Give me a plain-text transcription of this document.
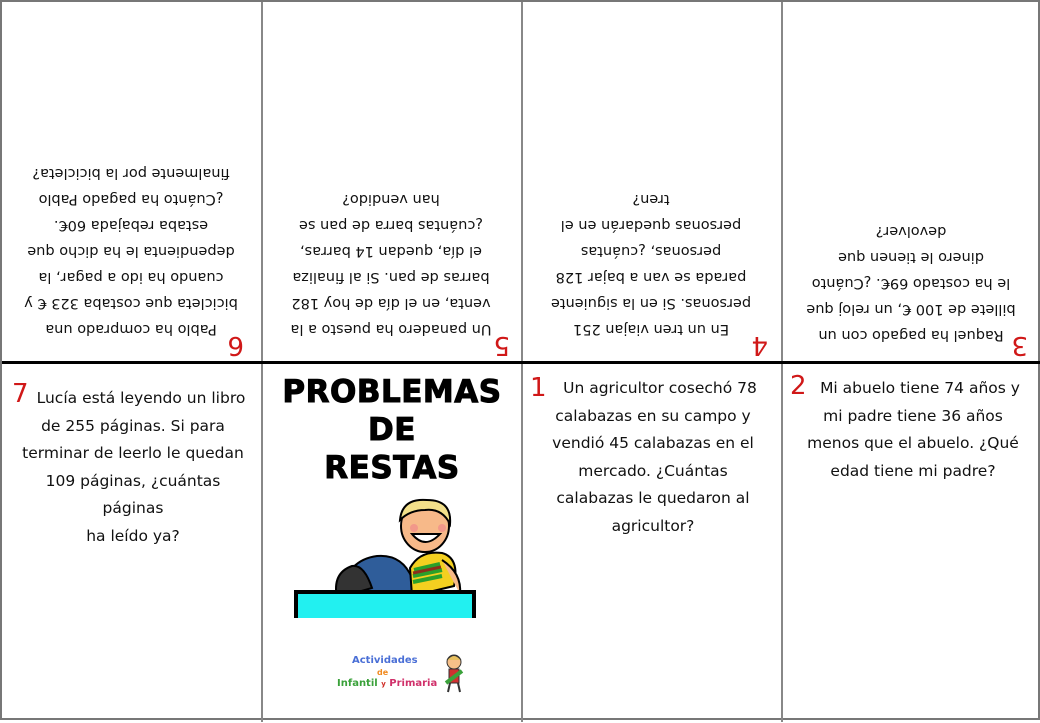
6
Pablo ha comprado una
bicicleta que costaba 323 € y
cuando ha ido a pagar, la
dependienta le ha dicho que
estaba rebajada 60€.
¿Cuánto ha pagado Pablo
finalmente por la bicicleta?
5
Un panadero ha puesto a la
venta, en el día de hoy 182
barras de pan. Si al finaliza
el día, quedan 14 barras,
¿cuántas barra de pan se
han vendido?
4
En un tren viajan 251
personas. Si en la siguiente
parada se van a bajar 128
personas, ¿cuántas
personas quedarán en el
tren?
3
Raquel ha pagado con un
billete de 100 €, un reloj que
le ha costado 69€. ¿Cuánto
dinero le tienen que
devolver?
7 Lucía está leyendo un libro
de 255 páginas. Si para
terminar de leerlo le quedan
109 páginas, ¿cuántas páginas
ha leído ya?
PROBLEMAS
DE
RESTAS
Actividades
de
Infantil y Primaria
1	Un agricultor cosechó 78
calabazas en su campo y
vendió 45 calabazas en el
mercado. ¿Cuántas
calabazas le quedaron al
agricultor?
2 Mi abuelo tiene 74 años y
mi padre tiene 36 años
menos que el abuelo. ¿Qué
edad tiene mi padre?
